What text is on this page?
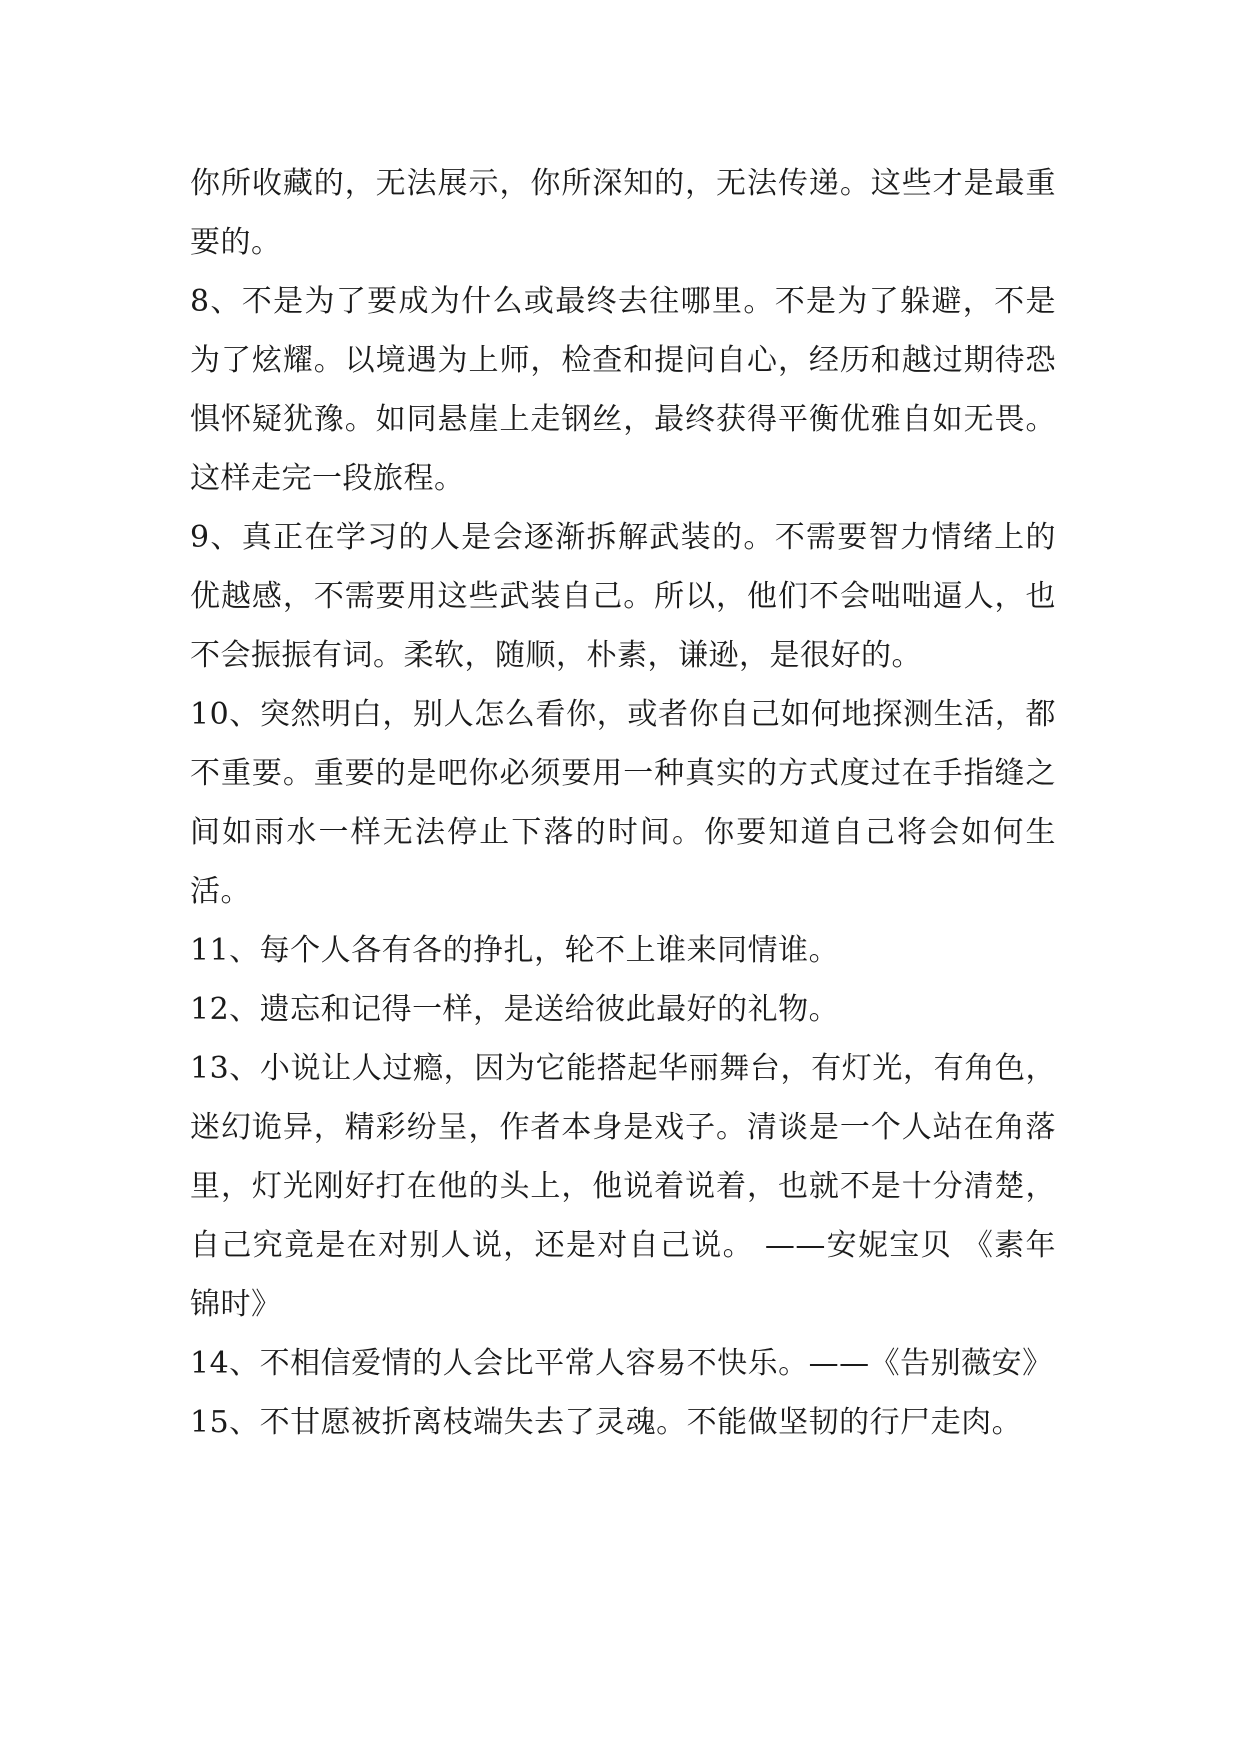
你所收藏的，无法展示，你所深知的，无法传递。这些才是最重要的。

8、不是为了要成为什么或最终去往哪里。不是为了躲避，不是为了炫耀。以境遇为上师，检查和提问自心，经历和越过期待恐惧怀疑犹豫。如同悬崖上走钢丝，最终获得平衡优雅自如无畏。这样走完一段旅程。

9、真正在学习的人是会逐渐拆解武装的。不需要智力情绪上的优越感，不需要用这些武装自己。所以，他们不会咄咄逼人，也不会振振有词。柔软，随顺，朴素，谦逊，是很好的。

10、突然明白，别人怎么看你，或者你自己如何地探测生活，都不重要。重要的是吧你必须要用一种真实的方式度过在手指缝之间如雨水一样无法停止下落的时间。你要知道自己将会如何生活。

11、每个人各有各的挣扎，轮不上谁来同情谁。

12、遗忘和记得一样，是送给彼此最好的礼物。

13、小说让人过瘾，因为它能搭起华丽舞台，有灯光，有角色，迷幻诡异，精彩纷呈，作者本身是戏子。清谈是一个人站在角落里，灯光刚好打在他的头上，他说着说着，也就不是十分清楚，自己究竟是在对别人说，还是对自己说。 ——安妮宝贝 《素年锦时》

14、不相信爱情的人会比平常人容易不快乐。——《告别薇安》

15、不甘愿被折离枝端失去了灵魂。不能做坚韧的行尸走肉。
